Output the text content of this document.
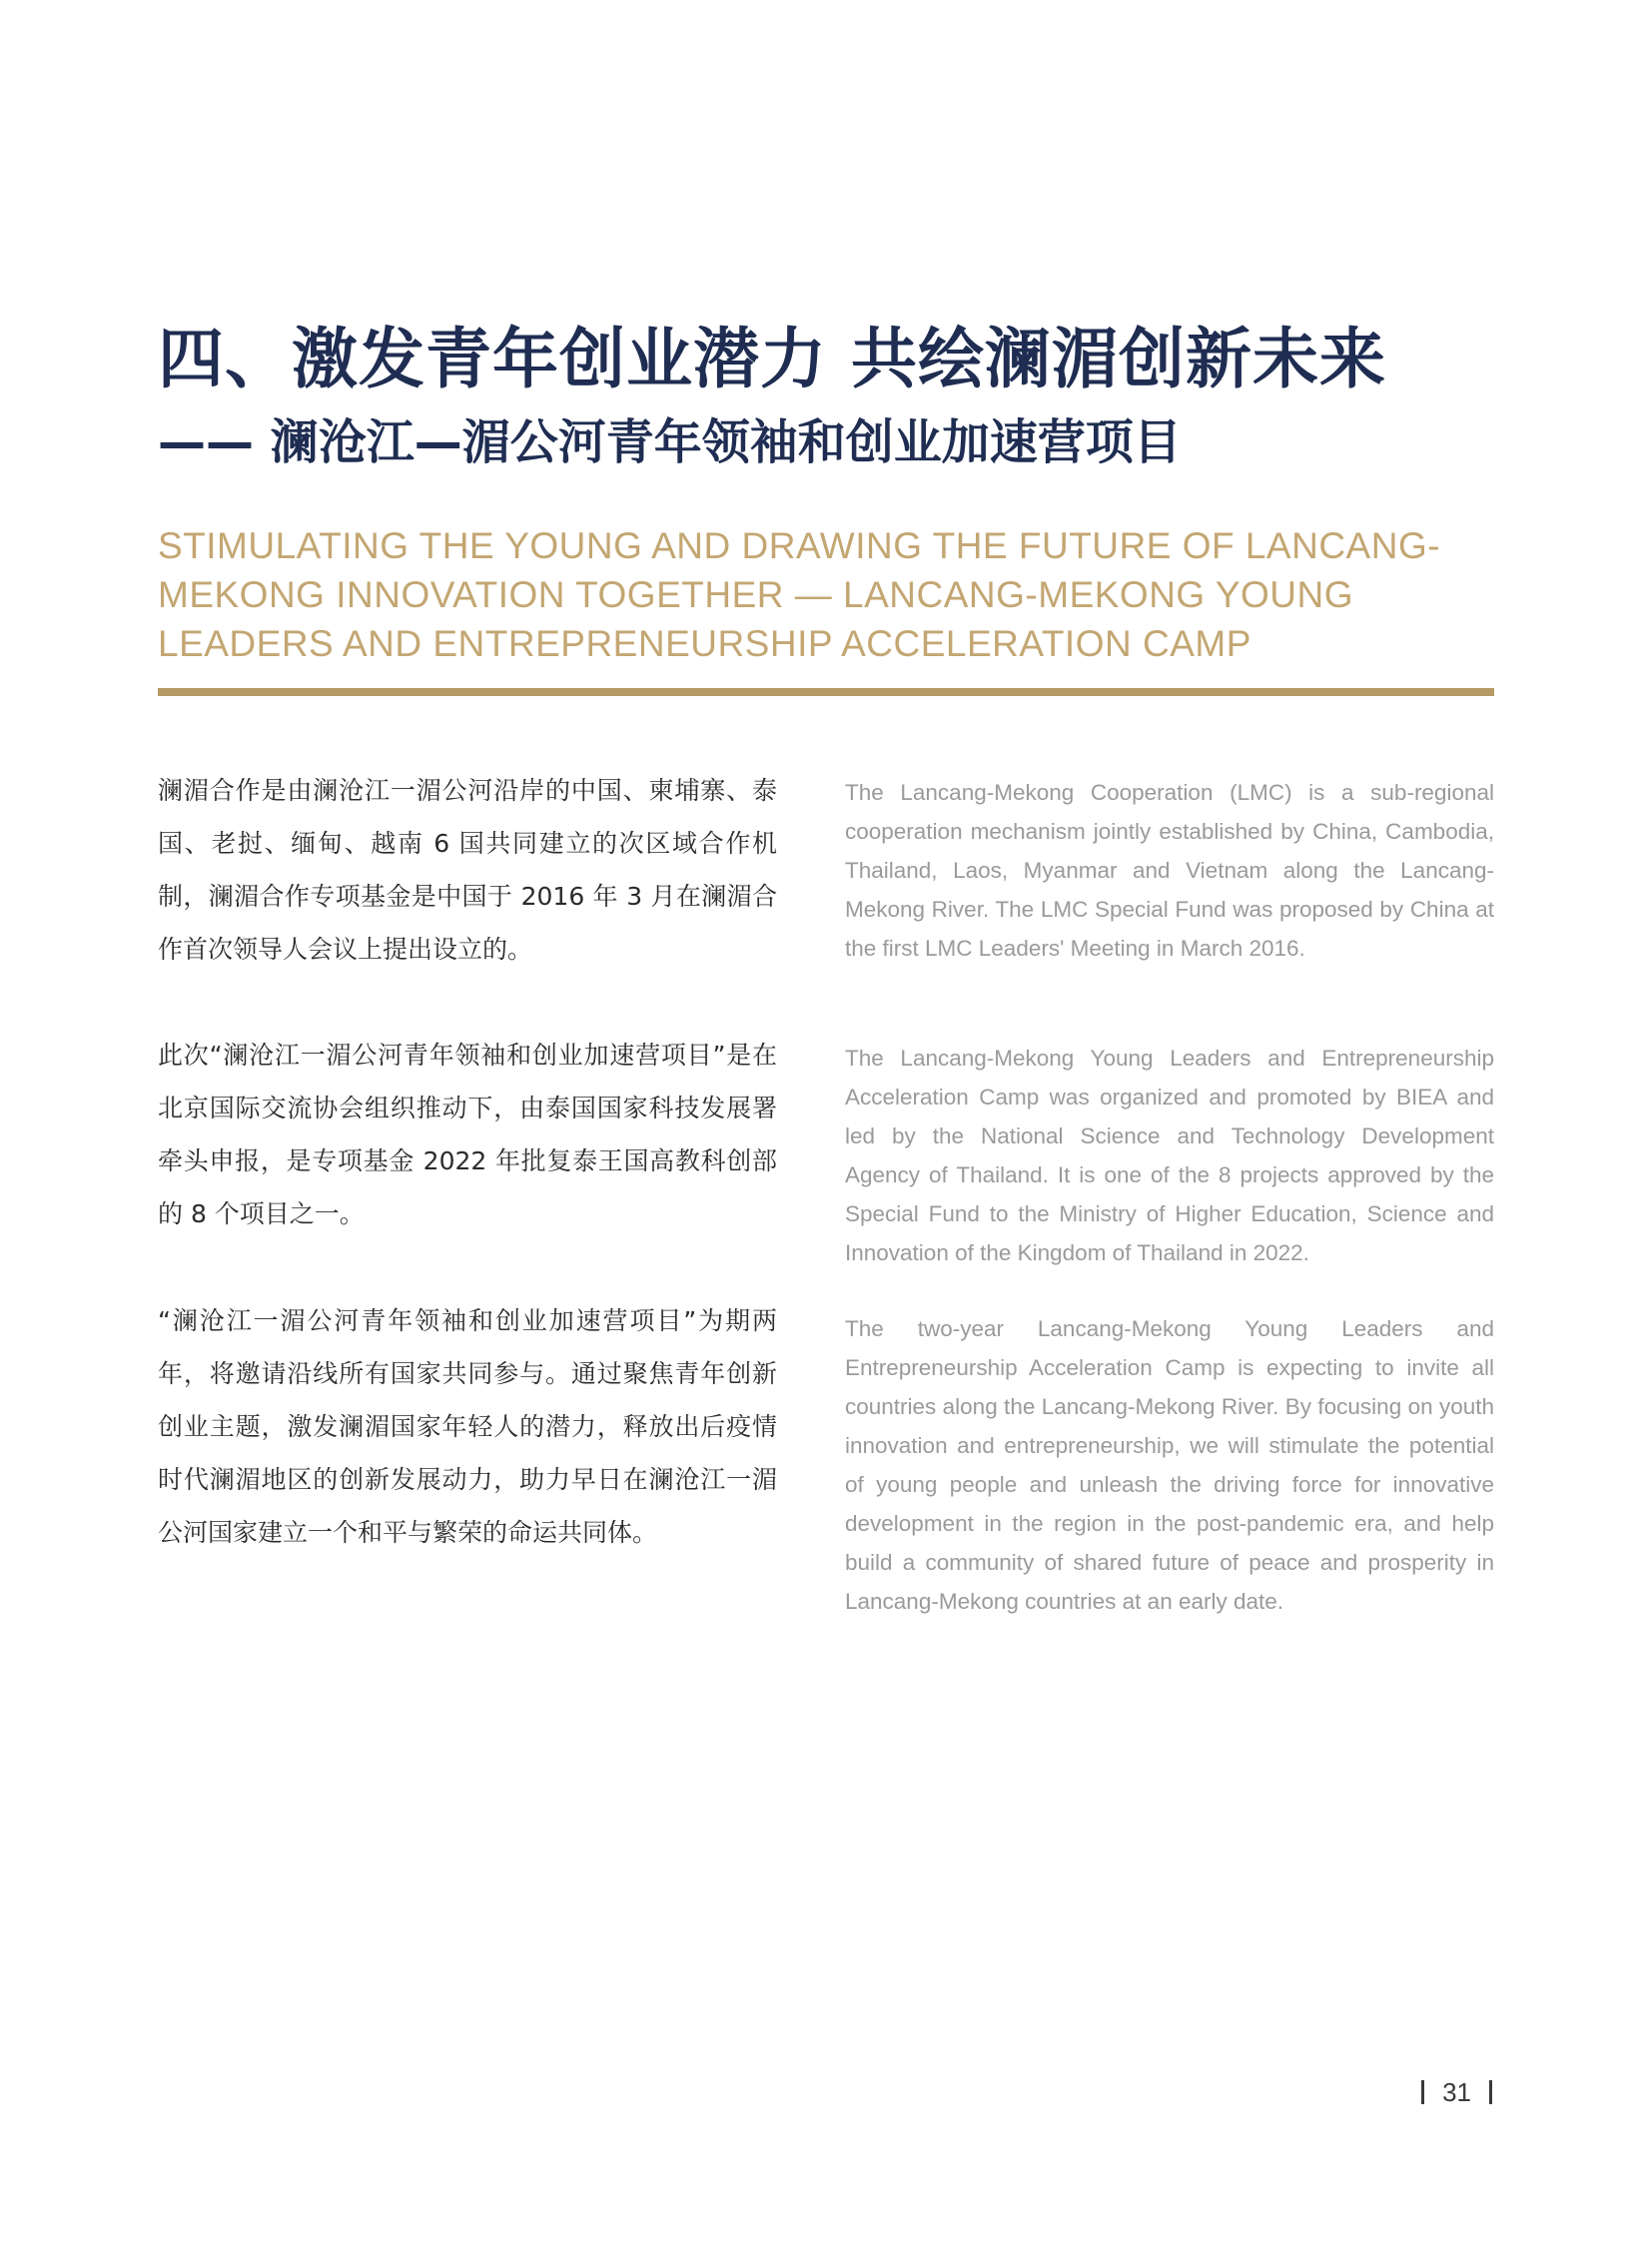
四、激发青年创业潜力 共绘澜湄创新未来
—— 澜沧江—湄公河青年领袖和创业加速营项目
STIMULATING THE YOUNG AND DRAWING THE FUTURE OF LANCANG-MEKONG INNOVATION TOGETHER — LANCANG-MEKONG YOUNG LEADERS AND ENTREPRENEURSHIP ACCELERATION CAMP

澜湄合作是由澜沧江一湄公河沿岸的中国、柬埔寨、泰国、老挝、缅甸、越南 6 国共同建立的次区域合作机制，澜湄合作专项基金是中国于 2016 年 3 月在澜湄合作首次领导人会议上提出设立的。

此次“澜沧江一湄公河青年领袖和创业加速营项目”是在北京国际交流协会组织推动下，由泰国国家科技发展署牵头申报，是专项基金 2022 年批复泰王国高教科创部的 8 个项目之一。

“澜沧江一湄公河青年领袖和创业加速营项目”为期两年，将邀请沿线所有国家共同参与。通过聚焦青年创新创业主题，激发澜湄国家年轻人的潜力，释放出后疫情时代澜湄地区的创新发展动力，助力早日在澜沧江一湄公河国家建立一个和平与繁荣的命运共同体。

The Lancang-Mekong Cooperation (LMC) is a sub-regional cooperation mechanism jointly established by China, Cambodia, Thailand, Laos, Myanmar and Vietnam along the Lancang-Mekong River. The LMC Special Fund was proposed by China at the first LMC Leaders' Meeting in March 2016.

The Lancang-Mekong Young Leaders and Entrepreneurship Acceleration Camp was organized and promoted by BIEA and led by the National Science and Technology Development Agency of Thailand. It is one of the 8 projects approved by the Special Fund to the Ministry of Higher Education, Science and Innovation of the Kingdom of Thailand in 2022.

The two-year Lancang-Mekong Young Leaders and Entrepreneurship Acceleration Camp is expecting to invite all countries along the Lancang-Mekong River. By focusing on youth innovation and entrepreneurship, we will stimulate the potential of young people and unleash the driving force for innovative development in the region in the post-pandemic era, and help build a community of shared future of peace and prosperity in Lancang-Mekong countries at an early date.

31
